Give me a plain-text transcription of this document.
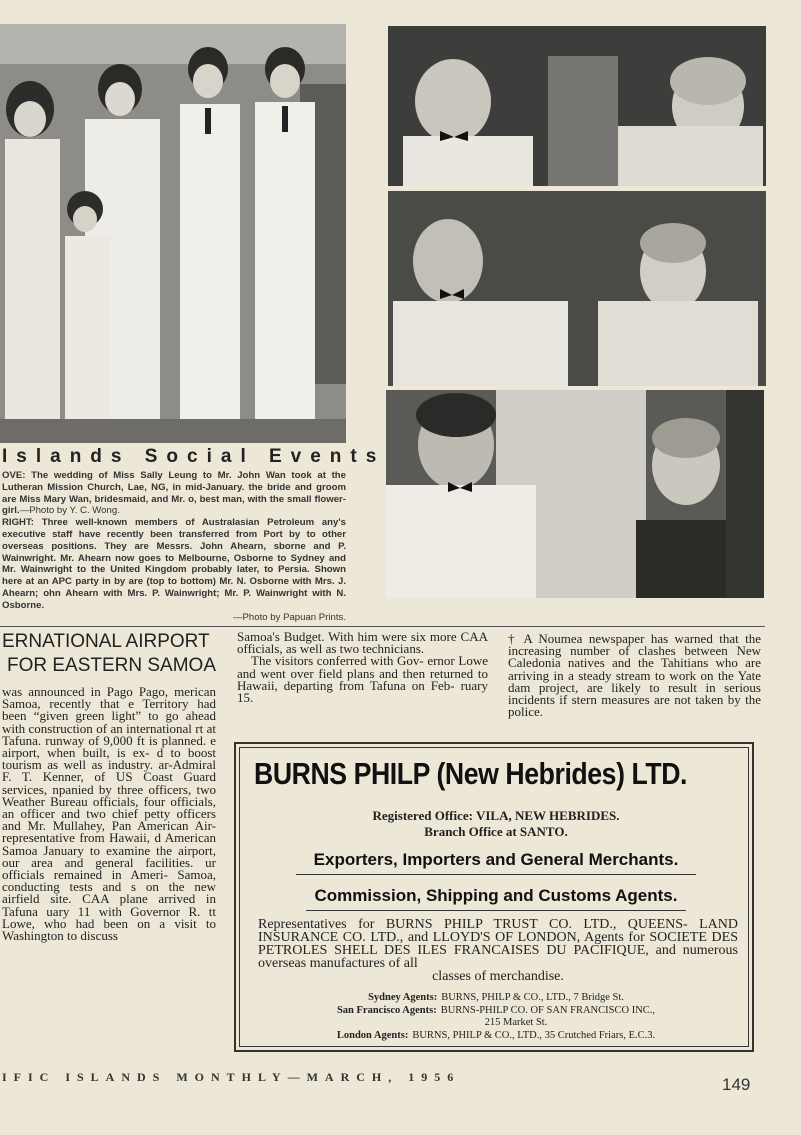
Islands Social Events

OVE: The wedding of Miss Sally Leung to Mr. John Wan took at the Lutheran Mission Church, Lae, NG, in mid-January. the bride and groom are Miss Mary Wan, bridesmaid, and Mr. o, best man, with the small flower-girl.—Photo by Y. C. Wong.

RIGHT: Three well-known members of Australasian Petroleum any's executive staff have recently been transferred from Port by to other overseas positions. They are Messrs. John Ahearn, sborne and P. Wainwright. Mr. Ahearn now goes to Melbourne, Osborne to Sydney and Mr. Wainwright to the United Kingdom probably later, to Persia. Shown here at an APC party in by are (top to bottom) Mr. N. Osborne with Mrs. J. Ahearn; ohn Ahearn with Mrs. P. Wainwright; Mr. P. Wainwright with N. Osborne.

—Photo by Papuan Prints.
ERNATIONAL AIRPORT
FOR EASTERN SAMOA

was announced in Pago Pago, merican Samoa, recently that e Territory had been “given green light” to go ahead with construction of an international rt at Tafuna. runway of 9,000 ft is planned. e airport, when built, is ex- d to boost tourism as well as industry. ar-Admiral F. T. Kenner, of US Coast Guard services, npanied by three officers, two Weather Bureau officials, four officials, an officer and two chief petty officers and Mr. Mullahey, Pan American Air- representative from Hawaii, d American Samoa January to examine the airport, our area and general facilities. ur officials remained in Ameri- Samoa, conducting tests and s on the new airfield site. CAA plane arrived in Tafuna uary 11 with Governor R. tt Lowe, who had been on a visit to Washington to discuss

Samoa's Budget. With him were six more CAA officials, as well as two technicians.

The visitors conferred with Gov- ernor Lowe and went over field plans and then returned to Hawaii, departing from Tafuna on Feb- ruary 15.

† A Noumea newspaper has warned that the increasing number of clashes between New Caledonia natives and the Tahitians who are arriving in a steady stream to work on the Yate dam project, are likely to result in serious incidents if stern measures are not taken by the police.

BURNS PHILP (New Hebrides) LTD.
Registered Office: VILA, NEW HEBRIDES.
Branch Office at SANTO.
Exporters, Importers and General Merchants.
Commission, Shipping and Customs Agents.
Representatives for BURNS PHILP TRUST CO. LTD., QUEENS- LAND INSURANCE CO. LTD., and LLOYD'S OF LONDON, Agents for SOCIETE DES PETROLES SHELL DES ILES FRANCAISES DU PACIFIQUE, and numerous overseas manufactures of all
classes of merchandise.
Sydney Agents: BURNS, PHILP & CO., LTD., 7 Bridge St.
San Francisco Agents: BURNS-PHILP CO. OF SAN FRANCISCO INC.,
215 Market St.
London Agents: BURNS, PHILP & CO., LTD., 35 Crutched Friars, E.C.3.
IFIC ISLANDS MONTHLY—MARCH, 1956	149
